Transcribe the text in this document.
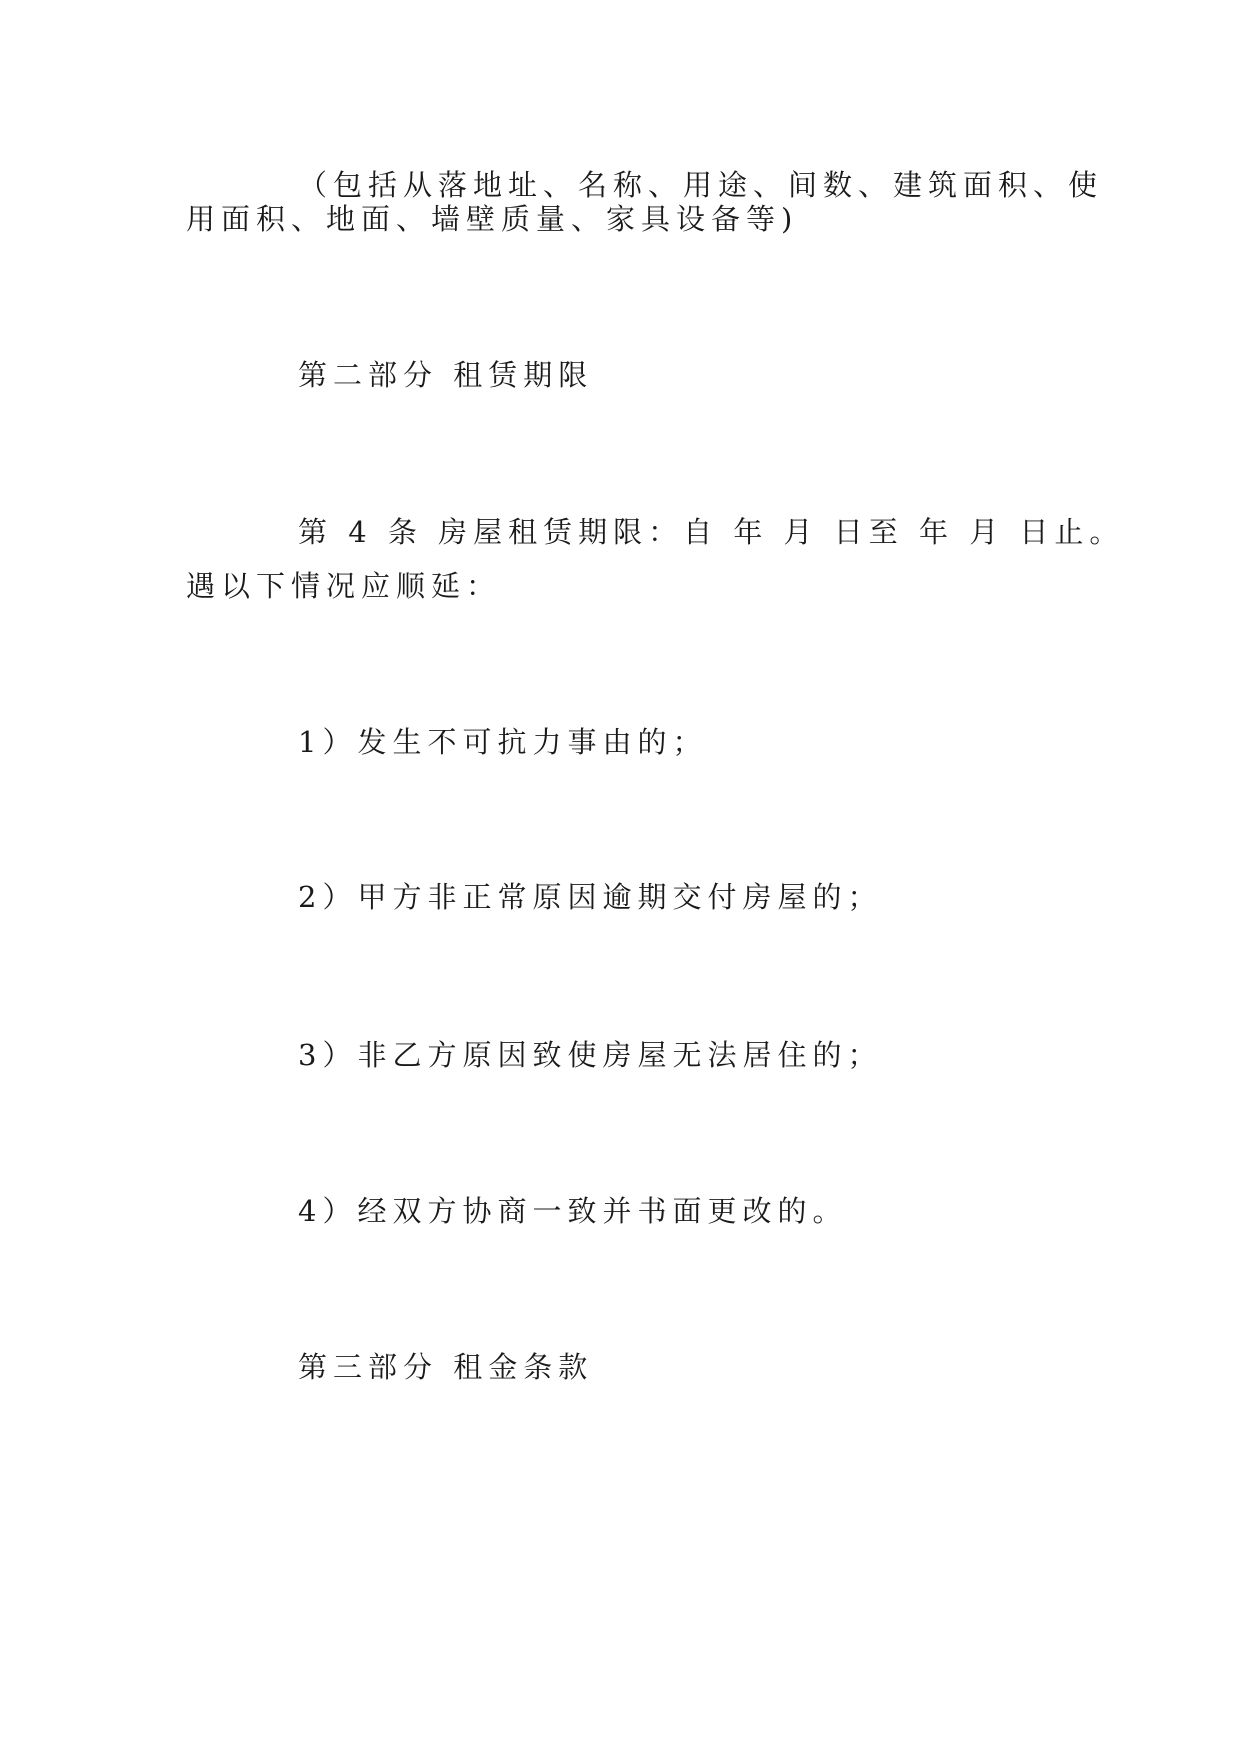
（包括从落地址、名称、用途、间数、建筑面积、使
用面积、地面、墙壁质量、家具设备等)
第二部分 租赁期限
第 4 条 房屋租赁期限：自 年 月 日至 年 月 日止。
遇以下情况应顺延：
1）发生不可抗力事由的；
2）甲方非正常原因逾期交付房屋的；
3）非乙方原因致使房屋无法居住的；
4）经双方协商一致并书面更改的。
第三部分 租金条款
